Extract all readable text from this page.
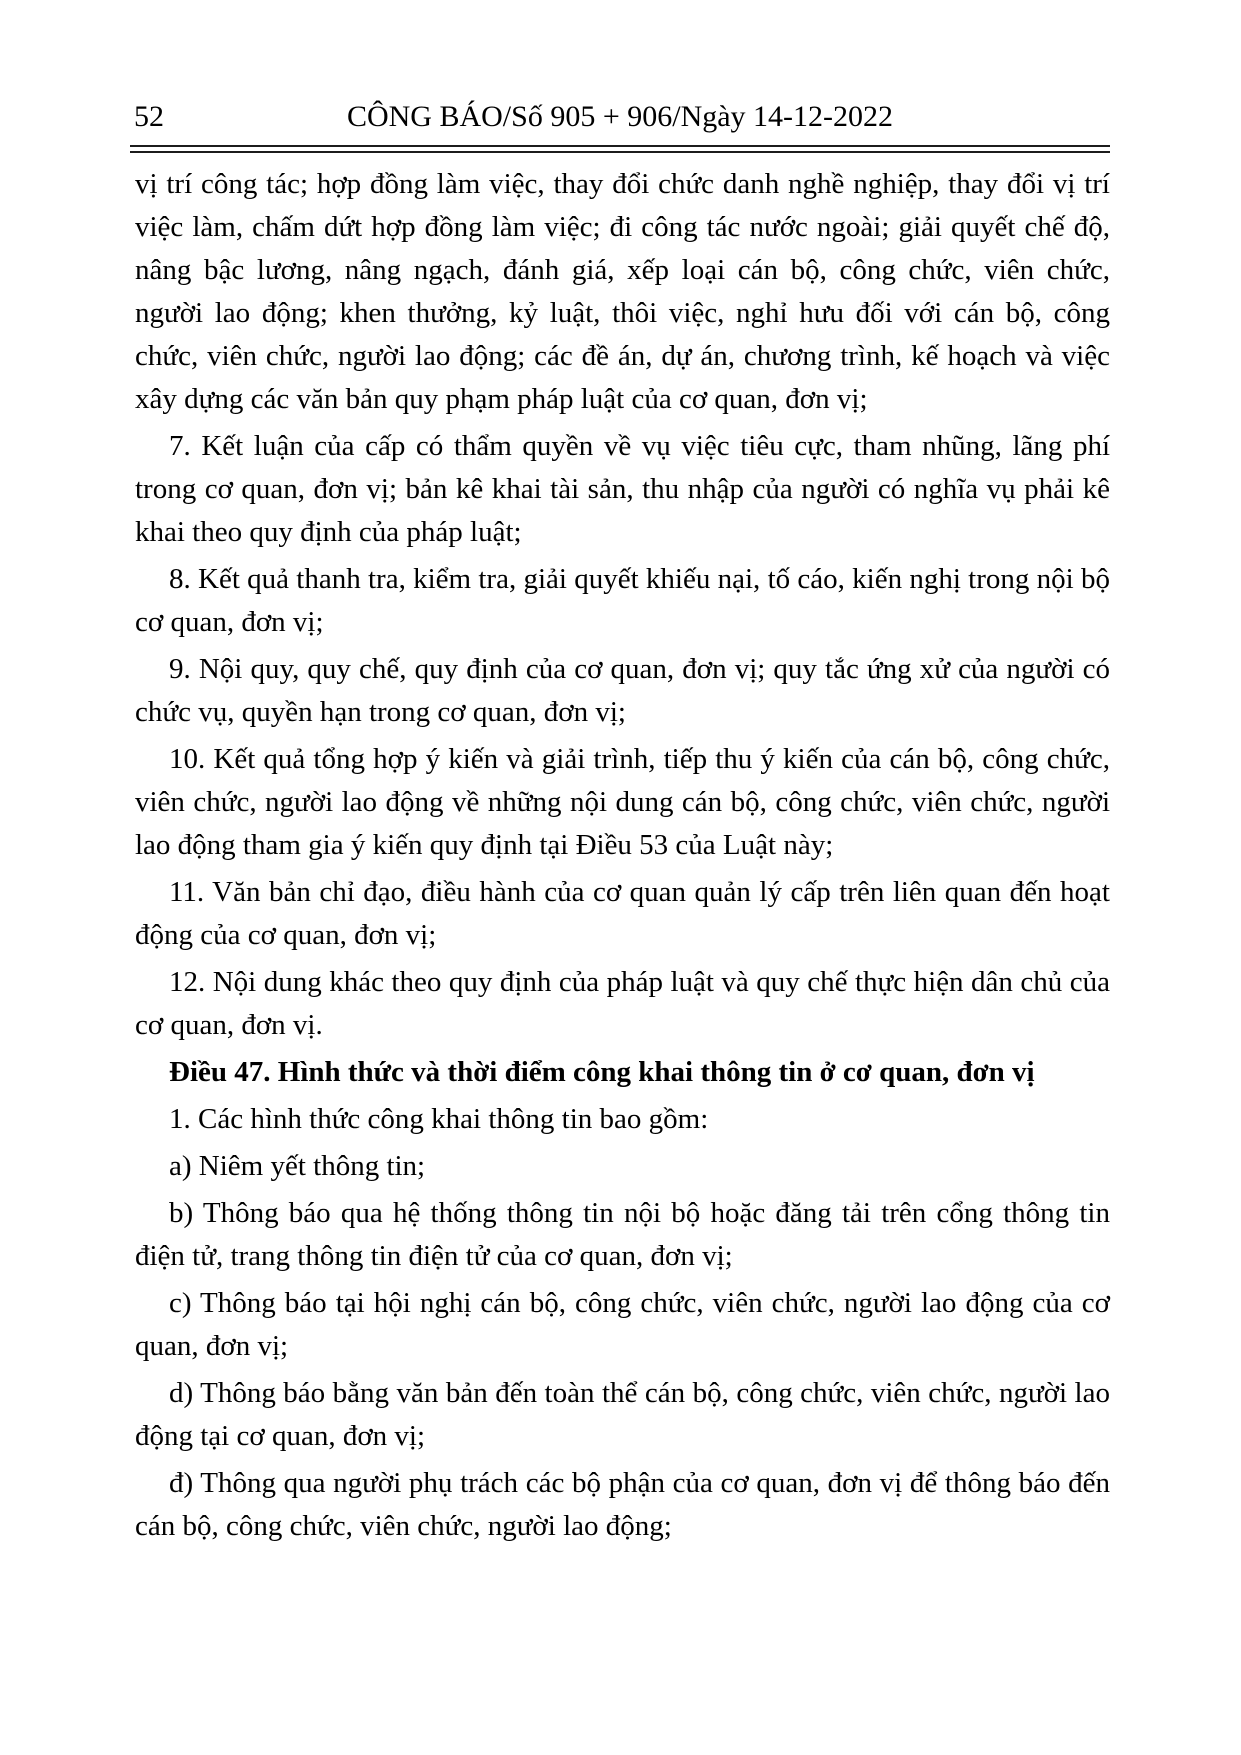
52	CÔNG BÁO/Số 905 + 906/Ngày 14-12-2022

vị trí công tác; hợp đồng làm việc, thay đổi chức danh nghề nghiệp, thay đổi vị trí việc làm, chấm dứt hợp đồng làm việc; đi công tác nước ngoài; giải quyết chế độ, nâng bậc lương, nâng ngạch, đánh giá, xếp loại cán bộ, công chức, viên chức, người lao động; khen thưởng, kỷ luật, thôi việc, nghỉ hưu đối với cán bộ, công chức, viên chức, người lao động; các đề án, dự án, chương trình, kế hoạch và việc xây dựng các văn bản quy phạm pháp luật của cơ quan, đơn vị;

7. Kết luận của cấp có thẩm quyền về vụ việc tiêu cực, tham nhũng, lãng phí trong cơ quan, đơn vị; bản kê khai tài sản, thu nhập của người có nghĩa vụ phải kê khai theo quy định của pháp luật;

8. Kết quả thanh tra, kiểm tra, giải quyết khiếu nại, tố cáo, kiến nghị trong nội bộ cơ quan, đơn vị;

9. Nội quy, quy chế, quy định của cơ quan, đơn vị; quy tắc ứng xử của người có chức vụ, quyền hạn trong cơ quan, đơn vị;

10. Kết quả tổng hợp ý kiến và giải trình, tiếp thu ý kiến của cán bộ, công chức, viên chức, người lao động về những nội dung cán bộ, công chức, viên chức, người lao động tham gia ý kiến quy định tại Điều 53 của Luật này;

11. Văn bản chỉ đạo, điều hành của cơ quan quản lý cấp trên liên quan đến hoạt động của cơ quan, đơn vị;

12. Nội dung khác theo quy định của pháp luật và quy chế thực hiện dân chủ của cơ quan, đơn vị.

Điều 47. Hình thức và thời điểm công khai thông tin ở cơ quan, đơn vị

1. Các hình thức công khai thông tin bao gồm:

a) Niêm yết thông tin;

b) Thông báo qua hệ thống thông tin nội bộ hoặc đăng tải trên cổng thông tin điện tử, trang thông tin điện tử của cơ quan, đơn vị;

c) Thông báo tại hội nghị cán bộ, công chức, viên chức, người lao động của cơ quan, đơn vị;

d) Thông báo bằng văn bản đến toàn thể cán bộ, công chức, viên chức, người lao động tại cơ quan, đơn vị;

đ) Thông qua người phụ trách các bộ phận của cơ quan, đơn vị để thông báo đến cán bộ, công chức, viên chức, người lao động;
